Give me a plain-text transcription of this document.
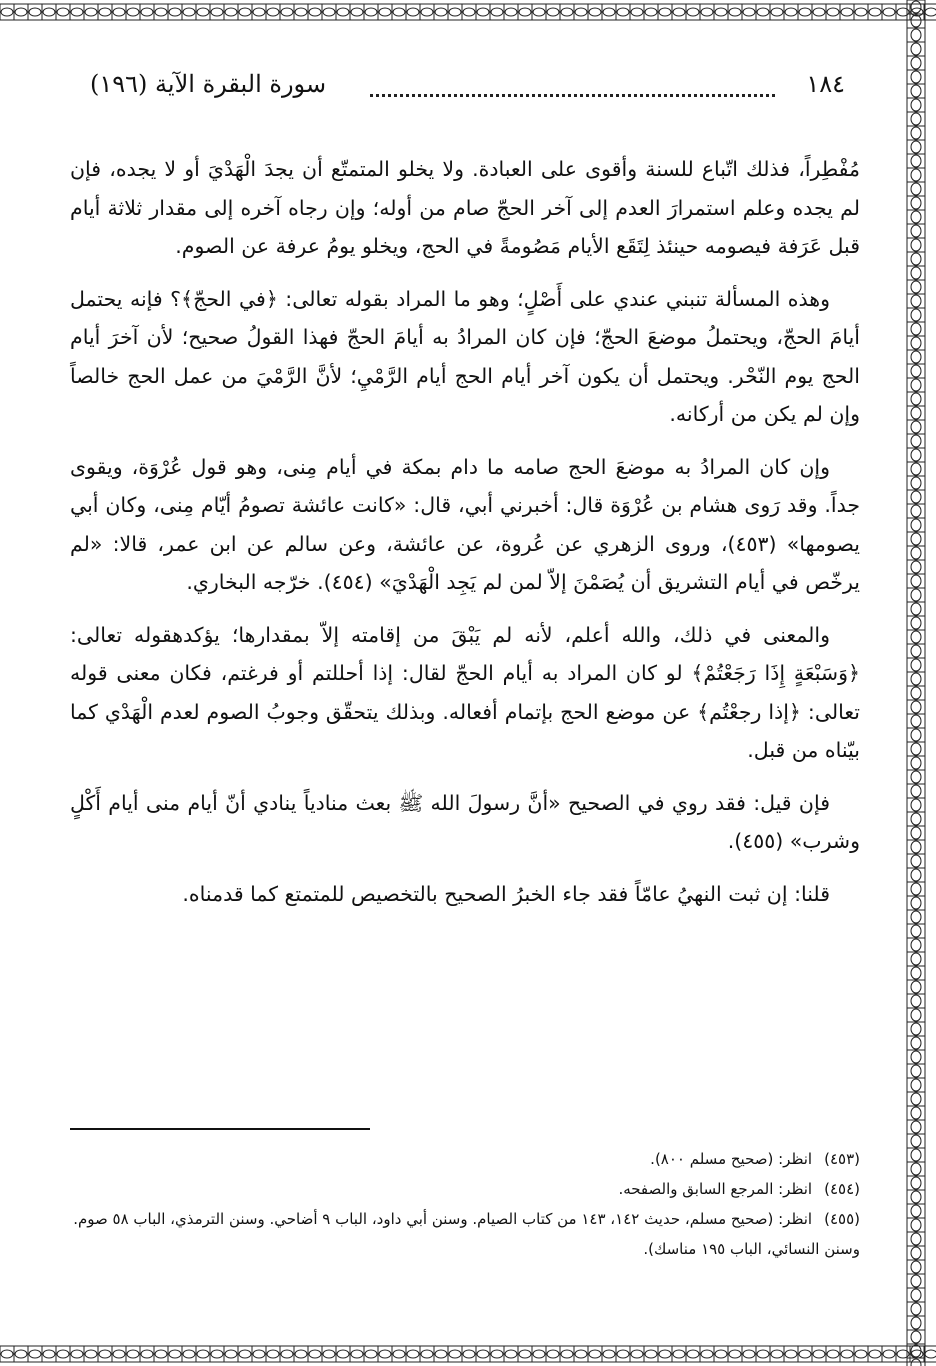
١٨٤
سورة البقرة الآية (١٩٦)

مُفْطِراً، فذلك اتّباع للسنة وأقوى على العبادة. ولا يخلو المتمتّع أن يجدَ الْهَدْيَ أو لا يجده، فإن لم يجده وعلم استمرارَ العدم إلى آخر الحجّ صام من أوله؛ وإن رجاه آخره إلى مقدار ثلاثة أيام قبل عَرَفة فيصومه حينئذ لِتَقَع الأيام مَصُومةً في الحج، ويخلو يومُ عرفة عن الصوم.

وهذه المسألة تنبني عندي على أَصْلٍ؛ وهو ما المراد بقوله تعالى: ﴿في الحجّ﴾؟ فإنه يحتمل أيامَ الحجّ، ويحتملُ موضعَ الحجّ؛ فإن كان المرادُ به أيامَ الحجّ فهذا القولُ صحيح؛ لأن آخرَ أيام الحج يوم النّحْر. ويحتمل أن يكون آخر أيام الحج أيام الرَّمْيِ؛ لأنَّ الرَّمْيَ من عمل الحج خالصاً وإن لم يكن من أركانه.

وإن كان المرادُ به موضعَ الحج صامه ما دام بمكة في أيام مِنى، وهو قول عُرْوَة، ويقوى جداً. وقد رَوى هشام بن عُرْوَة قال: أخبرني أبي، قال: «كانت عائشة تصومُ أيّام مِنى، وكان أبي يصومها» (٤٥٣)، وروى الزهري عن عُروة، عن عائشة، وعن سالم عن ابن عمر، قالا: «لم يرخّص في أيام التشريق أن يُصَمْنَ إلاّ لمن لم يَجِد الْهَدْيَ» (٤٥٤). خرّجه البخاري.

والمعنى في ذلك، والله أعلم، لأنه لم يَبْقَ من إقامته إلاّ بمقدارها؛ يؤكدهقوله تعالى: ﴿وَسَبْعَةٍ إِذَا رَجَعْتُمْ﴾ لو كان المراد به أيام الحجّ لقال: إذا أحللتم أو فرغتم، فكان معنى قوله تعالى: ﴿إذا رجعْتُم﴾ عن موضع الحج بإتمام أفعاله. وبذلك يتحقّق وجوبُ الصوم لعدم الْهَدْي كما بيّناه من قبل.

فإن قيل: فقد روي في الصحيح «أنَّ رسولَ الله ﷺ بعث منادياً ينادي أنّ أيام منى أيام أَكْلٍ وشرب» (٤٥٥).

قلنا: إن ثبت النهيُ عامّاً فقد جاء الخبرُ الصحيح بالتخصيص للمتمتع كما قدمناه.

(٤٥٣)انظر: (صحيح مسلم ٨٠٠).

(٤٥٤)انظر: المرجع السابق والصفحه.

(٤٥٥)انظر: (صحيح مسلم، حديث ١٤٢، ١٤٣ من كتاب الصيام. وسنن أبي داود، الباب ٩ أضاحي. وسنن الترمذي، الباب ٥٨ صوم. وسنن النسائي، الباب ١٩٥ مناسك).
